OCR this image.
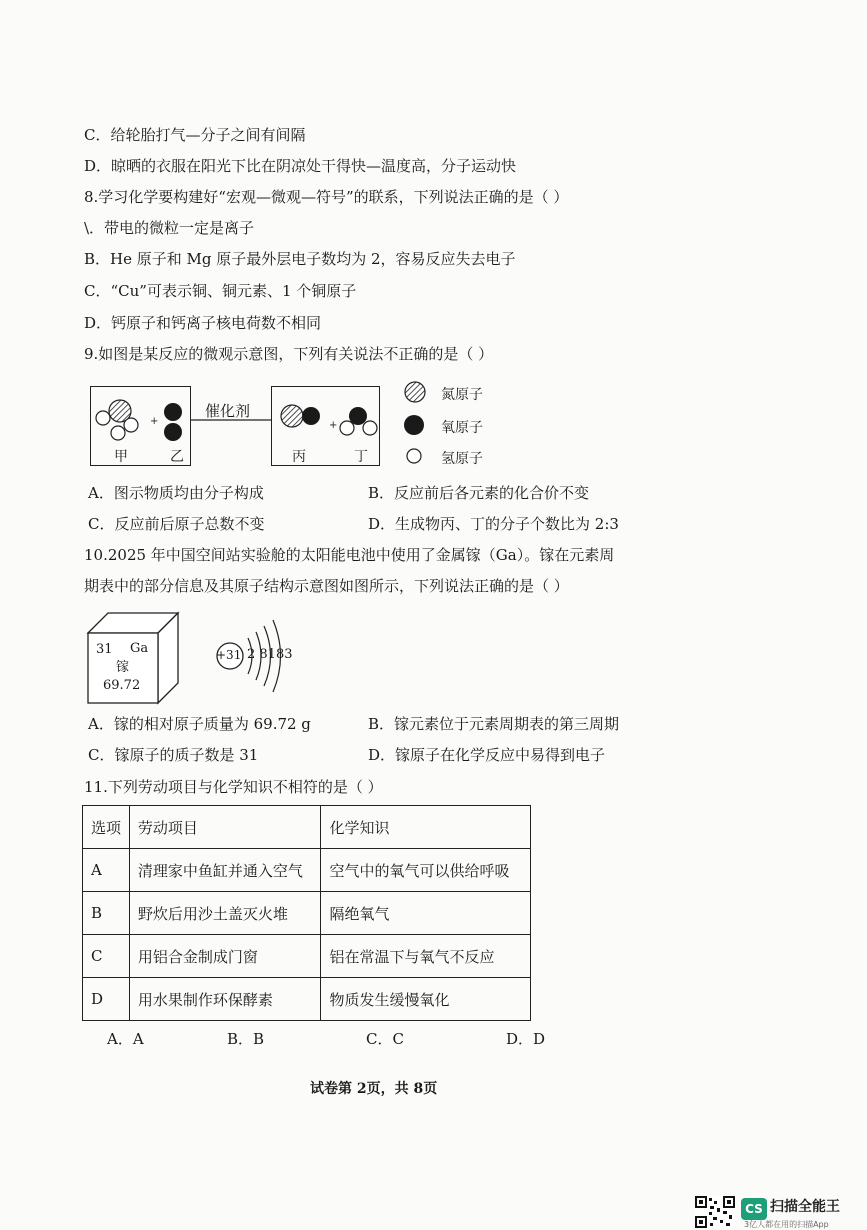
C．给轮胎打气—分子之间有间隔
D．晾晒的衣服在阳光下比在阴凉处干得快—温度高，分子运动快
8.学习化学要构建好“宏观—微观—符号”的联系，下列说法正确的是（ ）
\．带电的微粒一定是离子
B．He 原子和 Mg 原子最外层电子数均为 2，容易反应失去电子
C．“Cu”可表示铜、铜元素、1 个铜原子
D．钙原子和钙离子核电荷数不相同
9.如图是某反应的微观示意图，下列有关说法不正确的是（ ）
+	+
催化剂
甲	乙	丙	丁
氮原子
氧原子
氢原子
A．图示物质均由分子构成	B．反应前后各元素的化合价不变
C．反应前后原子总数不变	D．生成物丙、丁的分子个数比为 2:3
10.2025 年中国空间站实验舱的太阳能电池中使用了金属镓（Ga）。镓在元素周
期表中的部分信息及其原子结构示意图如图所示，下列说法正确的是（ ）
31 Ga
镓
69.72
+31 2 8183
A．镓的相对原子质量为 69.72 g	B．镓元素位于元素周期表的第三周期
C．镓原子的质子数是 31	D．镓原子在化学反应中易得到电子
11.下列劳动项目与化学知识不相符的是（ ）
选项	劳动项目	化学知识
A	清理家中鱼缸并通入空气	空气中的氧气可以供给呼吸
B	野炊后用沙土盖灭火堆	隔绝氧气
C	用铝合金制成门窗	铝在常温下与氧气不反应
D	用水果制作环保酵素	物质发生缓慢氧化
A．A	B．B	C．C	D．D
试卷第 2页，共 8页
CS 扫描全能王
3亿人都在用的扫描App
